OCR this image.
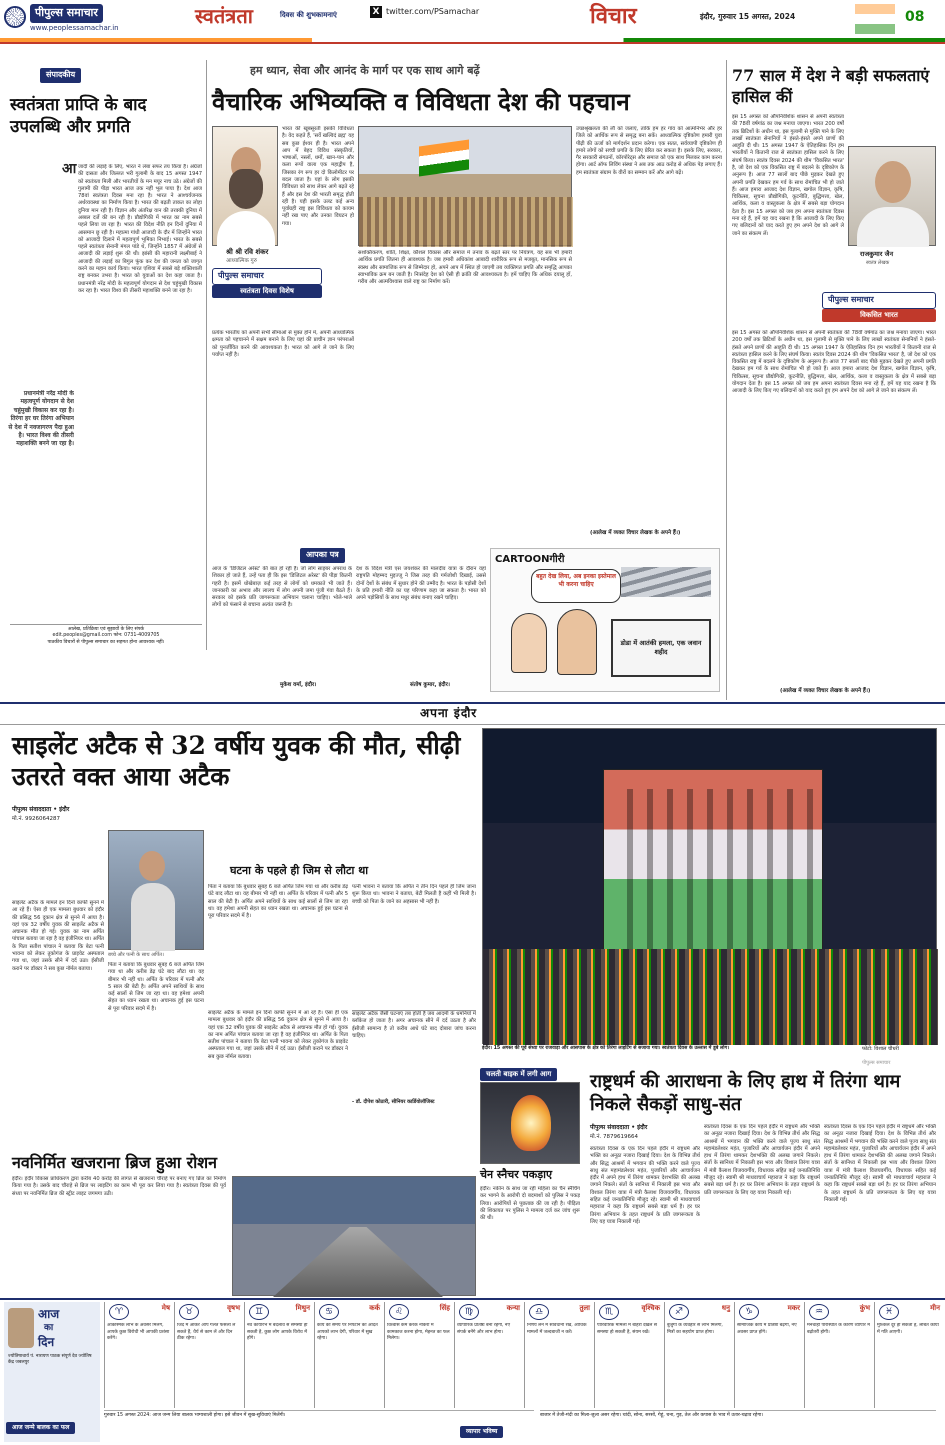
पीपुल्स समाचार
www.peoplessamachar.in	स्वतंत्रता	दिवस की शुभकामनाएं	X twitter.com/PSamachar	विचार	इंदौर, गुरुवार 15 अगस्त, 2024	08
संपादकीय
स्वतंत्रता प्राप्ति के बाद उपलब्धि और प्रगति
आ जादी की लड़ाई के लिए, भारत ने लंबा सफर तय किया है। अंग्रेजों की दासता और जिल्लत भरी गुलामी के बाद 15 अगस्त 1947 को स्वतंत्रता मिली और भारतीयों के मन मयूर नाच उठे। अंग्रेजों की गुलामी की पीड़ा भारत आज तक नहीं भूल पाया है। देश आज 78वां स्वतंत्रता दिवस मना रहा है। भारत ने आश्चर्यजनक अर्थव्यवस्था का निर्माण किया है। भारत की बढ़ती ताकत का लोहा दुनिया मान रही है। विज्ञान और अंतरिक्ष यान की तरक्की दुनिया में अब्बल दर्जे की बन रही है। प्रौद्योगिकी में भारत का नाम सबसे पहले लिया जा रहा है। भारत की विदेश नीति इन दिनों दुनिया में आसमान छू रही है। महात्मा गांधी आजादी के दौर में जिन्होंने भारत को आजादी दिलाने में महत्वपूर्ण भूमिका निभाई। भारत के सबसे पहले स्वतंत्रता सेनानी मंगल पांडे थे, जिन्होंने 1857 में अंग्रेजों से आजादी की लड़ाई शुरू की थी। झांसी की महारानी लक्ष्मीबाई ने आजादी की लड़ाई का बिगुल फूंक कर देश की जनता को जागृत करने का महान कार्य किया। भारत एशिया में सबसे बड़े शक्तिशाली राष्ट्र बनकर उभरा है। भारत को युवाओं का देश कहा जाता है। प्रधानमंत्री नरेंद्र मोदी के महत्वपूर्ण योगदान से देश चहुंमुखी विकास कर रहा है। भारत विश्व की तीसरी महाशक्ति बनने जा रहा है।
प्रधानमंत्री नरेंद्र मोदी के महत्वपूर्ण योगदान से देश चहुंमुखी विकास कर रहा है। तिरंगा हर घर तिरंगा अभियान से देश में नवजागरण पैदा हुआ है। भारत विश्व की तीसरी महाशक्ति बनने जा रहा है।
आलेख, प्रतिक्रिया एवं सुझावों के लिए संपर्क
edit.peoples@gmail.com फोन: 0731-4009705
पाठकीय विचारों से पीपुल्स समाचार का सहमत होना आवश्यक नहीं।
हम ध्यान, सेवा और आनंद के मार्ग पर एक साथ आगे बढ़ें
वैचारिक अभिव्यक्ति व विविधता देश की पहचान
श्री श्री रवि शंकर
आध्यात्मिक गुरु
भारत की खूबसूरती इसकी विविधता है। वेद कहते हैं, 'सर्वे खल्विदं ब्रह्म' यह सब कुछ ईश्वर ही है। भारत अपने आप में बेहद विविध संस्कृतियों, भाषाओं, नस्लों, धर्मों, खान-पान और कला रूपों वाला एक महाद्वीप है, जिसका रंग रूप हर दो किलोमीटर पर बदल जाता है। यहां के लोग इसकी विविधता को साथ लेकर आगे बढ़ते रहे हैं और इस देश की भारती समृद्ध होती रही है। यही इसके उलट कई अन्य पूर्वाग्रही राष्ट्र इस विविधता को कायम नहीं रख पाए और उनका विघटन हो गया।
पीपुल्स समाचार
स्वतंत्रता दिवस विशेष
प्रत्येक भारतीय को अपनी सभी सीमाओं से मुक्त होने में, अपनी आध्यात्मिक क्षमता को पहचानने में सक्षम बनाने के लिए यहां की प्राचीन ज्ञान परंपराओं को पुनर्जीवित करने की आवश्यकता है। भारत को आगे ले जाने के लिए पर्याप्त नहीं है।
सशक्तिकरण, शांति, शिक्षा, कौशल विकास और समाज में तनाव के बढ़ते स्तर पर नियंत्रण, यह सब भी हमारी आर्थिक प्रगति जितना ही आवश्यक है। जब हमारी अधिकांश आबादी शारीरिक रूप से मजबूत, मानसिक रूप से स्वस्थ और सामाजिक रूप से जिम्मेदार हो, अपने आप में स्थित हो जाएगी तब व्यक्तिगत प्रगति और समृद्धि आपका स्वाभाविक क्रम बन जाती है। निःसंदेह देश को ऐसी ही क्रांति की आवश्यकता है। हमें चाहिए कि अधिक दयालु हों, गरीब और आत्मविश्वास वाले राष्ट्र का निर्माण करें।
उच्छश्रृंखलता की लौ को जलाएं, ताकि हम हर गांव को आत्मनिर्भर और हर जिले को आर्थिक रूप से समृद्ध बना सकें। आध्यात्मिक दृष्टिकोण हमारी युवा पीढ़ी की ऊर्जा को मार्गदर्शन प्रदान करेगा। एक सतत, सर्वव्यापी दृष्टिकोण ही हमारे लोगों को सच्ची प्रगति के लिए प्रेरित कर सकता है। इसके लिए, सरकार, गैर सरकारी संगठनों, कॉरपोरेट्स और समाज को एक साथ मिलकर काम करना होगा। आर्ट ऑफ लिविंग संस्था ने अब तक आठ करोड़ से अधिक पेड़ लगाए हैं। हम स्वतंत्रता संग्राम के वीरों का सम्मान करें और आगे बढ़ें।
(आलेख में व्यक्त विचार लेखक के अपने हैं।)
आपका पत्र
आज के 'डिजिटल अरेस्ट' की बात हो रही है। जो लोग साइबर अपराध के शिकार हो जाते हैं, उन्हें पता ही कि इस 'डिजिटल अरेस्ट' की पीड़ा कितनी गहरी है। इसमें धोखेबाज़ कई तरह से लोगों को धमकाते भी जाते हैं। जानकारी का अभाव और लालच में लोग अपनी जमा पूंजी गंवा बैठते हैं। सरकार को इसके प्रति जागरूकता अभियान चलाना चाहिए। भोले-भाले लोगों को फंसाने से बचाना अत्यंत जरूरी है।
मुकेश वर्मा, इंदौर।
देश के विदेश मंत्री एस जयशंकर की मालदीव यात्रा के दौरान वहां राष्ट्रपति मोहम्मद मुइज्जू ने जिस तरह की गर्मजोशी दिखाई, उससे दोनों देशों के संबंध में सुधार होने की उम्मीद है। भारत के पड़ोसी देशों के प्रति हमारी नीति का यह परिणाम कहा जा सकता है। भारत को अपने पड़ोसियों के साथ मधुर संबंध बनाए रखने चाहिए।
संतोष कुमार, इंदौर।
CARTOONगीरी
बहुत देख लिया, अब इनका इस्तेमाल भी करना चाहिए
डोडा में आतंकी हमला, एक जवान शहीद
77 साल में देश ने बड़ी सफलताएं हासिल कीं
राजकुमार जैन
स्वतंत्र लेखक
पीपुल्स समाचार
विकसित भारत
इस 15 अगस्त को औपनिवेशिक शासन से अपनी स्वतंत्रता की 78वीं वर्षगांठ का जश्न मनाया जाएगा। भारत 200 वर्षों तक ब्रिटिशों के अधीन था, इस गुलामी से मुक्ति पाने के लिए लाखों स्वतंत्रता सेनानियों ने हंसते-हंसते अपने प्राणों की आहुति दी थी। 15 अगस्त 1947 के ऐतिहासिक दिन हम भारतीयों ने कितानी राज से स्वतंत्रता हासिल करने के लिए संघर्ष किया। स्वतंत्र दिवस 2024 की थीम 'विकसित भारत' है, जो देश को एक विकसित राष्ट्र में बदलने के दृष्टिकोण के अनुरूप है। आज 77 सालों बाद पीछे मुड़कर देखते हुए अपनी प्रगति देखकर हम गर्व के साथ रोमांचित भी हो जाते हैं। आज हमारा आजाद देश विज्ञान, खगोल विज्ञान, कृषि, चिकित्सा, सूचना प्रौद्योगिकी, कूटनीति, बुद्धिमत्ता, खेल, आर्थिक, कला व वास्तुकला के क्षेत्र में सबसे बड़ा योगदान देता है। इस 15 अगस्त को जब हम अपना स्वतंत्रता दिवस मना रहे हैं, हमें यह याद रखना है कि आजादी के लिए किए गए बलिदानों को याद करते हुए हम अपने देश को आगे ले जाने का संकल्प लें।
इस 15 अगस्त को औपनिवेशिक शासन से अपनी स्वतंत्रता की 78वीं वर्षगांठ का जश्न मनाया जाएगा। भारत 200 वर्षों तक ब्रिटिशों के अधीन था, इस गुलामी से मुक्ति पाने के लिए लाखों स्वतंत्रता सेनानियों ने हंसते-हंसते अपने प्राणों की आहुति दी थी। 15 अगस्त 1947 के ऐतिहासिक दिन हम भारतीयों ने कितानी राज से स्वतंत्रता हासिल करने के लिए संघर्ष किया। स्वतंत्र दिवस 2024 की थीम 'विकसित भारत' है, जो देश को एक विकसित राष्ट्र में बदलने के दृष्टिकोण के अनुरूप है। आज 77 सालों बाद पीछे मुड़कर देखते हुए अपनी प्रगति देखकर हम गर्व के साथ रोमांचित भी हो जाते हैं। आज हमारा आजाद देश विज्ञान, खगोल विज्ञान, कृषि, चिकित्सा, सूचना प्रौद्योगिकी, कूटनीति, बुद्धिमत्ता, खेल, आर्थिक, कला व वास्तुकला के क्षेत्र में सबसे बड़ा योगदान देता है। इस 15 अगस्त को जब हम अपना स्वतंत्रता दिवस मना रहे हैं, हमें यह याद रखना है कि आजादी के लिए किए गए बलिदानों को याद करते हुए हम अपने देश को आगे ले जाने का संकल्प लें।
(आलेख में व्यक्त विचार लेखक के अपने हैं।)
अपना इंदौर
साइलेंट अटैक से 32 वर्षीय युवक की मौत, सीढ़ी उतरते वक्त आया अटैक
पीपुल्स संवाददाता • इंदौर
मो.नं. 9926064287
साइलेंट अटैक के मामले इन दिनों काफी सुनने में आ रहे हैं। ऐसा ही एक मामला बुधवार को इंदौर की प्रसिद्ध 56 दुकान क्षेत्र से सुनने में आया है। यहां एक 32 वर्षीय युवक की साइलेंट अटैक से अचानक मौत हो गई। युवक का नाम अर्पित पांचाल बताया जा रहा है वह इंजीनियर था। अर्पित के पिता सतीश पांचाल ने बताया कि बेटा पत्नी भावना को लेकर तुकोगंज के प्राइवेट अस्पताल गया था, जहां उसके सीने में दर्द उठा। ईसीजी कराने पर डॉक्टर ने सब कुछ नॉर्मल बताया।
बच्चे और पत्नी के साथ अर्पित।
घटना के पहले ही जिम से लौटा था
पिता ने बताया कि बुधवार सुबह 6 बजे अर्पित जिम गया था और करीब डेढ़ घंटे बाद लौटा था। वह बीमार भी नहीं था। अर्पित के परिवार में पत्नी और 5 साल की बेटी है। अर्पित अपने साथियों के साथ कई सालों से जिम जा रहा था। वह हमेशा अपनी सेहत का ध्यान रखता था। अचानक हुई इस घटना से पूरा परिवार सदमे में है।
पिता ने बताया कि बुधवार सुबह 6 बजे अर्पित जिम गया था और करीब डेढ़ घंटे बाद लौटा था। वह बीमार भी नहीं था। अर्पित के परिवार में पत्नी और 5 साल की बेटी है। अर्पित अपने साथियों के साथ कई सालों से जिम जा रहा था। वह हमेशा अपनी सेहत का ध्यान रखता था। अचानक हुई इस घटना से पूरा परिवार सदमे में है।
पत्नी भावना ने बताया कि अर्पित ने तीन दिन पहले ही जिम जाना शुरू किया था। भावना ने बताया, बेटी मिलती है कहीं भी मिली है। बच्ची को पिता के जाने का अहसास भी नहीं है।
साइलेंट अटैक जैसी घटनाएं तब होती हैं जब आदमी के धमनियों में ब्लॉकेज हो जाता है। अगर अचानक सीने में दर्द उठता है और ईसीजी सामान्य है तो करीब आधे घंटे बाद दोबारा जांच करना चाहिए।
- डॉ. दीपेश कोठारी, सीनियर कार्डियोलॉजिस्ट
साइलेंट अटैक के मामले इन दिनों काफी सुनने में आ रहे हैं। ऐसा ही एक मामला बुधवार को इंदौर की प्रसिद्ध 56 दुकान क्षेत्र से सुनने में आया है। यहां एक 32 वर्षीय युवक की साइलेंट अटैक से अचानक मौत हो गई। युवक का नाम अर्पित पांचाल बताया जा रहा है वह इंजीनियर था। अर्पित के पिता सतीश पांचाल ने बताया कि बेटा पत्नी भावना को लेकर तुकोगंज के प्राइवेट अस्पताल गया था, जहां उसके सीने में दर्द उठा। ईसीजी कराने पर डॉक्टर ने सब कुछ नॉर्मल बताया।
इंदौर। 15 अगस्त की पूर्व संध्या पर राजवाड़ा और आसपास के क्षेत्र को तिरंगा लाइटिंग से सजाया गया। स्वतंत्रता दिवस के उल्लास में डूबे लोग।	फोटो: विशाल चौधरी
पीपुल्स समाचार
चलती बाइक में लगी आग
चेन स्नैचर पकड़ाए
इंदौर। नकीन के साथ जा रही महिला का चैन स्नैचिंग कर भागने के आरोपी दो बदमाशों को पुलिस ने पकड़ लिया। आरोपियों से पूछताछ की जा रही है। पीड़िता की शिकायत पर पुलिस ने मामला दर्ज कर जांच शुरू की थी।
नवनिर्मित खजराना ब्रिज हुआ रोशन
इंदौर। इंदौर विकास प्राधिकरण द्वारा करीब 40 करोड़ की लागत से खजराना चौराहे पर बनाए गए ब्रिज का निर्माण किया गया है। उसके बाद चौराहे से ब्रिज पर लाइटिंग का काम भी पूरा कर लिया गया है। स्वतंत्रता दिवस की पूर्व संध्या पर नवनिर्मित ब्रिज की स्ट्रीट लाइट जगमगा उठी।
राष्ट्रधर्म की आराधना के लिए हाथ में तिरंगा थाम निकले सैकड़ों साधु-संत
पीपुल्स संवाददाता • इंदौर
मो.नं. 7879619664
स्वतंत्रता दिवस के एक दिन पहले इंदौर में राष्ट्रधर्म और भक्ति का अनूठा नजारा दिखाई दिया। देश के विभिन्न तीर्थ और सिद्ध आश्रमों में भगवान की भक्ति करने वाले पूज्य साधु संत महामंडलेश्वर महंत, पुजारियों और आचार्यजन इंदौर में अपने हाथ में तिरंगा थामकर देशभक्ति की अलख जगाने निकले। संतों के सानिध्य में निकाली इस भव्य और विशाल तिरंगा यात्रा में मंत्री कैलाश विजयवर्गीय, विधायक सहित कई जनप्रतिनिधि मौजूद रहे। स्वामी श्री माधवाचार्य महाराज ने कहा कि राष्ट्रधर्म सबसे बड़ा धर्म है। हर घर तिरंगा अभियान के तहत राष्ट्रधर्म के प्रति जागरूकता के लिए यह यात्रा निकाली गई।
स्वतंत्रता दिवस के एक दिन पहले इंदौर में राष्ट्रधर्म और भक्ति का अनूठा नजारा दिखाई दिया। देश के विभिन्न तीर्थ और सिद्ध आश्रमों में भगवान की भक्ति करने वाले पूज्य साधु संत महामंडलेश्वर महंत, पुजारियों और आचार्यजन इंदौर में अपने हाथ में तिरंगा थामकर देशभक्ति की अलख जगाने निकले। संतों के सानिध्य में निकाली इस भव्य और विशाल तिरंगा यात्रा में मंत्री कैलाश विजयवर्गीय, विधायक सहित कई जनप्रतिनिधि मौजूद रहे। स्वामी श्री माधवाचार्य महाराज ने कहा कि राष्ट्रधर्म सबसे बड़ा धर्म है। हर घर तिरंगा अभियान के तहत राष्ट्रधर्म के प्रति जागरूकता के लिए यह यात्रा निकाली गई।
स्वतंत्रता दिवस के एक दिन पहले इंदौर में राष्ट्रधर्म और भक्ति का अनूठा नजारा दिखाई दिया। देश के विभिन्न तीर्थ और सिद्ध आश्रमों में भगवान की भक्ति करने वाले पूज्य साधु संत महामंडलेश्वर महंत, पुजारियों और आचार्यजन इंदौर में अपने हाथ में तिरंगा थामकर देशभक्ति की अलख जगाने निकले। संतों के सानिध्य में निकाली इस भव्य और विशाल तिरंगा यात्रा में मंत्री कैलाश विजयवर्गीय, विधायक सहित कई जनप्रतिनिधि मौजूद रहे। स्वामी श्री माधवाचार्य महाराज ने कहा कि राष्ट्रधर्म सबसे बड़ा धर्म है। हर घर तिरंगा अभियान के तहत राष्ट्रधर्म के प्रति जागरूकता के लिए यह यात्रा निकाली गई।
आज
का
दिन
ज्योतिषाचार्य पं. नारायण पाठक संपूर्ण देव ज्योतिष केंद्र जबलपुर
आज जन्मे बालक का फल
♈	मेष
आकस्मिक लाभ के अवसर मिलेंगे, आपके कुछ विरोधी भी आपकी प्रशंसा करेंगे।
♉	वृषभ
जिद में आकर आप गलत फैसला ले सकते हैं, धैर्य से काम लें और दिन ठीक रहेगा।
♊	मिथुन
नव कार्यारंभ में बदलाव से समस्या हो सकती है, कुछ लोग आपके विरोध में होंगे।
♋	कर्क
कार्य को समय पर निपटाने की आदत आपको लाभ देगी, परिवार में सुख रहेगा।
♌	सिंह
विश्वास कम करके नौकरी में कामकाज करना होगा, मेहनत का फल मिलेगा।
♍	कन्या
व्यापारिक प्रतिष्ठा बनी रहेगी, नए संपर्क बनेंगे और लाभ होगा।
♎	तुला
निर्णय लेने में सावधानी रखें, आर्थिक मामलों में जल्दबाजी न करें।
♏	वृश्चिक
पारिवारिक मामलों में बाहरी दखल से समस्या हो सकती है, संयम रखें।
♐	धनु
बुजुर्गों के व्यवहार से लाभ मिलेगा, मित्रों का सहयोग प्राप्त होगा।
♑	मकर
सामाजिक कार्य में प्रतिष्ठा बढ़ेगी, नए अवसर प्राप्त होंगे।
♒	कुंभ
मनचाही परिस्थिति के कारण व्यापार में बढ़ोतरी होगी।
♓	मीन
मुश्किल दूर हो सकती है, लंबित कार्यों में गति आएगी।
गुरुवार 15 अगस्त 2024: आज जन्म लिया बालक भाग्यशाली होगा। इसे जीवन में सुख-सुविधाएं मिलेंगी।
व्यापार भविष्य
बाजार में तेजी-मंदी का मिला-जुला असर रहेगा। चांदी, सोना, सरसों, गेहूं, चना, गुड़, तेल और कपास के भाव में उतार-चढ़ाव रहेगा।
